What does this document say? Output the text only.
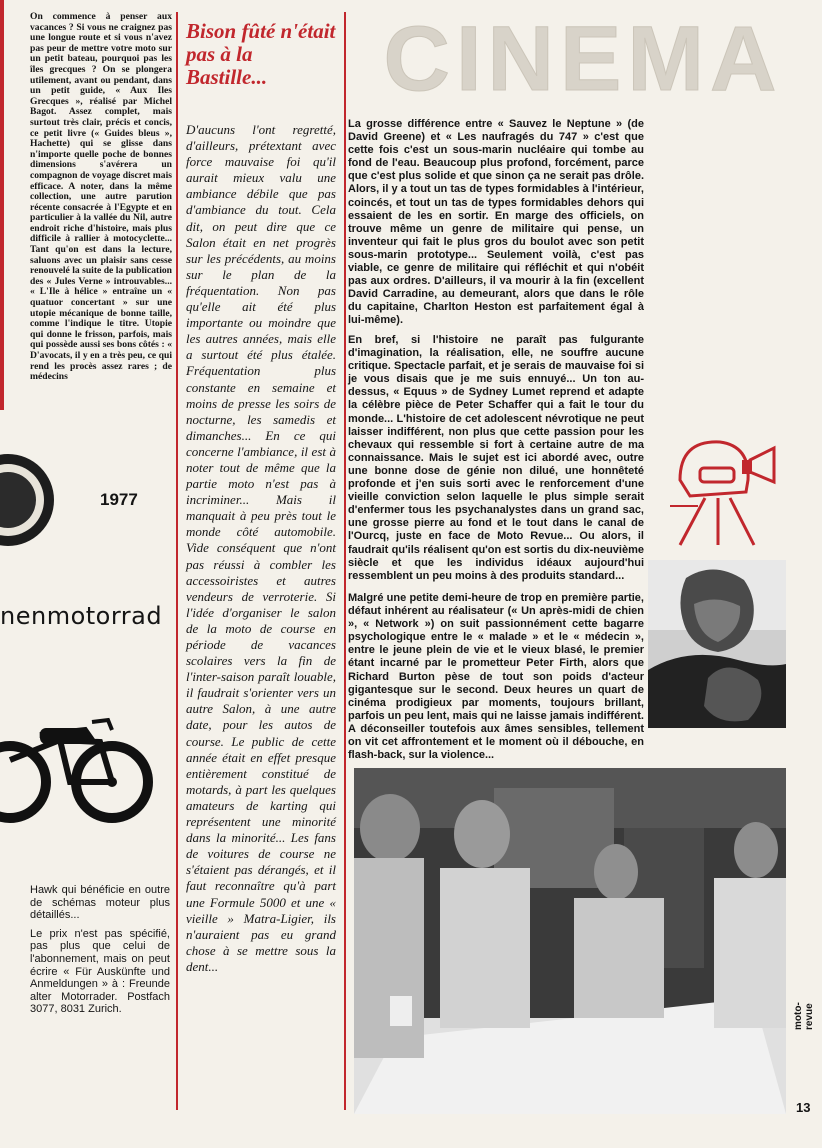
On commence à penser aux vacances ? Si vous ne craignez pas une longue route et si vous n'avez pas peur de mettre votre moto sur un petit bateau, pourquoi pas les îles grecques ? On se plongera utilement, avant ou pendant, dans un petit guide, « Aux Iles Grecques », réalisé par Michel Bagot. Assez complet, mais surtout très clair, précis et concis, ce petit livre (« Guides bleus », Hachette) qui se glisse dans n'importe quelle poche de bonnes dimensions s'avérera un compagnon de voyage discret mais efficace. A noter, dans la même collection, une autre parution récente consacrée à l'Egypte et en particulier à la vallée du Nil, autre endroit riche d'histoire, mais plus difficile à rallier à motocyclette... Tant qu'on est dans la lecture, saluons avec un plaisir sans cesse renouvelé la suite de la publication des « Jules Verne » introuvables... « L'Ile à hélice » entraîne un « quatuor concertant » sur une utopie mécanique de bonne taille, comme l'indique le titre. Utopie qui donne le frisson, parfois, mais qui possède aussi ses bons côtés : « D'avocats, il y en a très peu, ce qui rend les procès assez rares ; de médecins
1977
nenmotorrad

Hawk qui bénéficie en outre de schémas moteur plus détaillés...

Le prix n'est pas spécifié, pas plus que celui de l'abonnement, mais on peut écrire « Für Auskünfte und Anmeldungen » à : Freunde alter Motorrader. Postfach 3077, 8031 Zurich.

Bison fûté n'était pas à la Bastille...
D'aucuns l'ont regretté, d'ailleurs, prétextant avec force mauvaise foi qu'il aurait mieux valu une ambiance débile que pas d'ambiance du tout. Cela dit, on peut dire que ce Salon était en net progrès sur les précédents, au moins sur le plan de la fréquentation. Non pas qu'elle ait été plus importante ou moindre que les autres années, mais elle a surtout été plus étalée. Fréquentation plus constante en semaine et moins de presse les soirs de nocturne, les samedis et dimanches... En ce qui concerne l'ambiance, il est à noter tout de même que la partie moto n'est pas à incriminer... Mais il manquait à peu près tout le monde côté automobile. Vide conséquent que n'ont pas réussi à combler les accessoiristes et autres vendeurs de verroterie. Si l'idée d'organiser le salon de la moto de course en période de vacances scolaires vers la fin de l'inter-saison paraît louable, il faudrait s'orienter vers un autre Salon, à une autre date, pour les autos de course. Le public de cette année était en effet presque entièrement constitué de motards, à part les quelques amateurs de karting qui représentent une minorité dans la minorité... Les fans de voitures de course ne s'étaient pas dérangés, et il faut reconnaître qu'à part une Formule 5000 et une « vieille » Matra-Ligier, ils n'auraient pas eu grand chose à se mettre sous la dent...
CINEMA

La grosse différence entre « Sauvez le Neptune » (de David Greene) et « Les naufragés du 747 » c'est que cette fois c'est un sous-marin nucléaire qui tombe au fond de l'eau. Beaucoup plus profond, forcément, parce que c'est plus solide et que sinon ça ne serait pas drôle. Alors, il y a tout un tas de types formidables à l'intérieur, coincés, et tout un tas de types formidables dehors qui essaient de les en sortir. En marge des officiels, on trouve même un genre de militaire qui pense, un inventeur qui fait le plus gros du boulot avec son petit sous-marin prototype... Seulement voilà, c'est pas viable, ce genre de militaire qui réfléchit et qui n'obéit pas aux ordres. D'ailleurs, il va mourir à la fin (excellent David Carradine, au demeurant, alors que dans le rôle du capitaine, Charlton Heston est parfaitement égal à lui-même).

En bref, si l'histoire ne paraît pas fulgurante d'imagination, la réalisation, elle, ne souffre aucune critique. Spectacle parfait, et je serais de mauvaise foi si je vous disais que je me suis ennuyé... Un ton au-dessus, « Equus » de Sydney Lumet reprend et adapte la célèbre pièce de Peter Schaffer qui a fait le tour du monde... L'histoire de cet adolescent névrotique ne peut laisser indifférent, non plus que cette passion pour les chevaux qui ressemble si fort à certaine autre de ma connaissance. Mais le sujet est ici abordé avec, outre une bonne dose de génie non dilué, une honnêteté profonde et j'en suis sorti avec le renforcement d'une vieille conviction selon laquelle le plus simple serait d'enfermer tous les psychanalystes dans un grand sac, une grosse pierre au fond et le tout dans le canal de l'Ourcq, juste en face de Moto Revue... Ou alors, il faudrait qu'ils réalisent qu'on est sortis du dix-neuvième siècle et que les individus idéaux aujourd'hui ressemblent un peu moins à des produits standard...

Malgré une petite demi-heure de trop en première partie, défaut inhérent au réalisateur (« Un après-midi de chien », « Network ») on suit passionnément cette bagarre psychologique entre le « malade » et le « médecin », entre le jeune plein de vie et le vieux blasé, le premier étant incarné par le prometteur Peter Firth, alors que Richard Burton pèse de tout son poids d'acteur gigantesque sur le second. Deux heures un quart de cinéma prodigieux par moments, toujours brillant, parfois un peu lent, mais qui ne laisse jamais indifférent. A déconseiller toutefois aux âmes sensibles, tellement on vit cet affrontement et le moment où il débouche, en flash-back, sur la violence...

moto-revue
13
